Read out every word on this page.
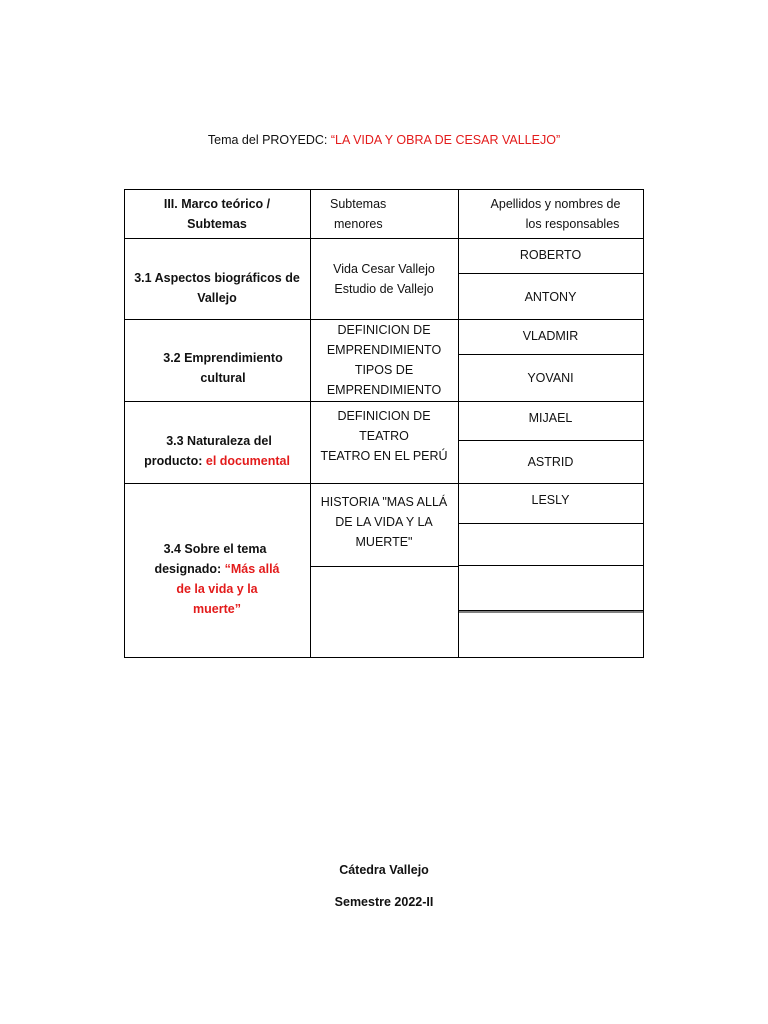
Tema del PROYEDC: “LA VIDA Y OBRA DE CESAR VALLEJO”
III. Marco teórico /
Subtemas
Subtemas
menores
Apellidos y nombres de
los responsables
3.1 Aspectos biográficos de
Vallejo
3.2 Emprendimiento
cultural
3.3 Naturaleza del
producto: el documental
3.4 Sobre el tema
designado: “Más allá
de la vida y la
muerte”
Vida Cesar Vallejo
Estudio de Vallejo
DEFINICION DE
EMPRENDIMIENTO
TIPOS DE
EMPRENDIMIENTO
DEFINICION DE TEATRO
TEATRO EN EL PERÚ
HISTORIA "MAS ALLÁ
DE LA VIDA Y LA
MUERTE"
ROBERTO
ANTONY
VLADMIR
YOVANI
MIJAEL
ASTRID
LESLY
Cátedra Vallejo
Semestre 2022-II
